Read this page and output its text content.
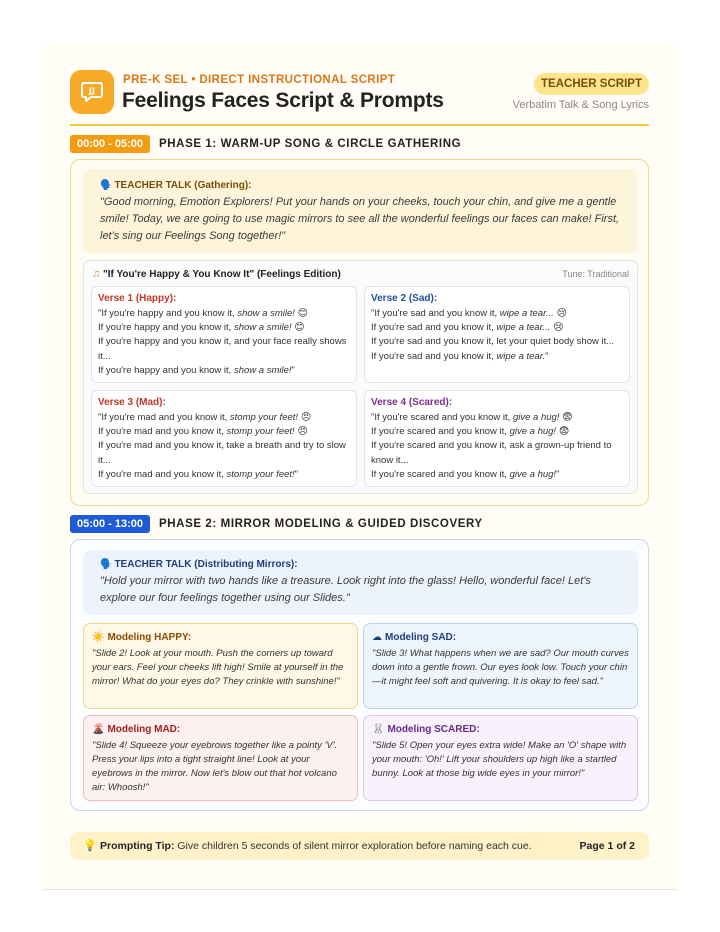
JJ
PRE-K SEL • DIRECT INSTRUCTIONAL SCRIPT
Feelings Faces Script & Prompts
TEACHER SCRIPT
Verbatim Talk & Song Lyrics
00:00 - 05:00	PHASE 1: WARM-UP SONG & CIRCLE GATHERING
🗣️ TEACHER TALK (Gathering):
"Good morning, Emotion Explorers! Put your hands on your cheeks, touch your chin, and give me a gentle smile! Today, we are going to use magic mirrors to see all the wonderful feelings our faces can make! First, let's sing our Feelings Song together!"
♫ "If You're Happy & You Know It" (Feelings Edition)	Tune: Traditional
Verse 1 (Happy):
"If you're happy and you know it, show a smile! 😊
If you're happy and you know it, show a smile! 😊
If you're happy and you know it, and your face really shows it...
If you're happy and you know it, show a smile!"
Verse 2 (Sad):
"If you're sad and you know it, wipe a tear... 😢
If you're sad and you know it, wipe a tear... 😢
If you're sad and you know it, let your quiet body show it...
If you're sad and you know it, wipe a tear."
Verse 3 (Mad):
"If you're mad and you know it, stomp your feet! 😠
If you're mad and you know it, stomp your feet! 😠
If you're mad and you know it, take a breath and try to slow it...
If you're mad and you know it, stomp your feet!"
Verse 4 (Scared):
"If you're scared and you know it, give a hug! 😨
If you're scared and you know it, give a hug! 😨
If you're scared and you know it, ask a grown-up friend to know it...
If you're scared and you know it, give a hug!"
05:00 - 13:00	PHASE 2: MIRROR MODELING & GUIDED DISCOVERY
🗣️ TEACHER TALK (Distributing Mirrors):
"Hold your mirror with two hands like a treasure. Look right into the glass! Hello, wonderful face! Let's explore our four feelings together using our Slides."
☀️ Modeling HAPPY:
"Slide 2! Look at your mouth. Push the corners up toward your ears. Feel your cheeks lift high! Smile at yourself in the mirror! What do your eyes do? They crinkle with sunshine!"
☁ Modeling SAD:
"Slide 3! What happens when we are sad? Our mouth curves down into a gentle frown. Our eyes look low. Touch your chin—it might feel soft and quivering. It is okay to feel sad."
🌋 Modeling MAD:
"Slide 4! Squeeze your eyebrows together like a pointy 'V'. Press your lips into a tight straight line! Look at your eyebrows in the mirror. Now let's blow out that hot volcano air: Whoosh!"
🐰 Modeling SCARED:
"Slide 5! Open your eyes extra wide! Make an 'O' shape with your mouth: 'Oh!' Lift your shoulders up high like a startled bunny. Look at those big wide eyes in your mirror!"
💡 Prompting Tip: Give children 5 seconds of silent mirror exploration before naming each cue.	Page 1 of 2
